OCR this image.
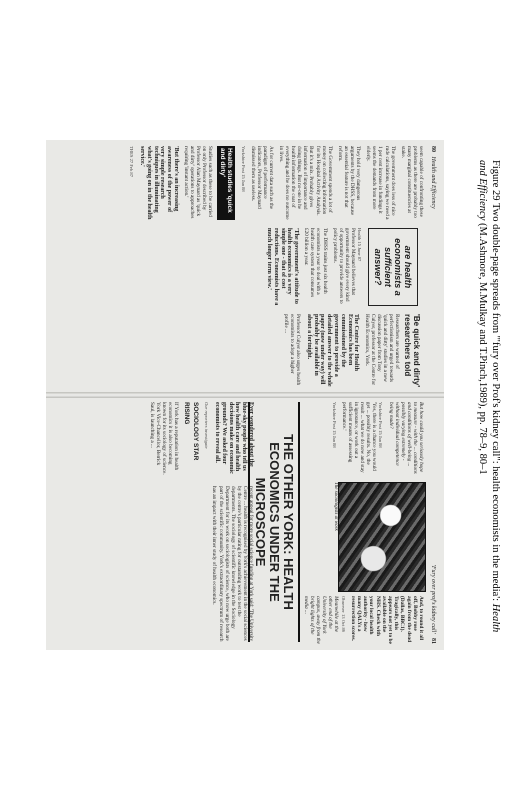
80   Health and Efficiency

seem capable of confronting these problems as there are probably too many marginal constituencies at stake.

The government does less of nice rude calculations, saying we need a 1 per cent increase in fundings it seems the demands from more elderly.

They hold very dangerous arguments by the DHSS, because an essential feature is not that reform.

The Government spends a lot of money on collecting information for its Hospital Activity Analysis. But it's a mix. Probably gives information of importance and doing things. But no-one in he health information the coat of everything and he does no outcome in lives.

As for current data such as the paradigm of performance indicators, Professor Maynard dismissed them as useless.

Yorkshire Post 15 Jan 88
Health studies 'quick and dirty'

Studies such as these to be carried on only Professor described by Professor Alan Maynard as 'quick and dirty' operations to approaches requiring 'instant action.'

'But there's an increasing awareness of the power of very simple research techniques in illuminating what's going on in the health service.'

THES 27 Feb 87
are health economists a sufficient answer?
Health 15 June 87

Professor Maynard believes that government should give every kind of opportunity to provide answers to policy problems.

The DHSS trains just six health economists a year to deal with a health care system that consumes £20 billion a year.

'The government's attitude to health economics is a very simple one - that of cost reductions. Economists have a much longer term view.'

'Be quick and dirty' researchers told

Researchers are warned of perfectionism and urged towards 'quick and dirty' studies in a new discussion paper from Tony Culyer, professor at the Centre for Health Economics, York.

The Centre for Health Economics has been commissioned by the government to provide a detailed answer to the whole paper (now under way) will probably be available in about a fortnight.

Professor Culyer also urges health economists to adopt a higher profile ...

'Fury over prof's kidney call'   81

But how could you seriously hope to measure - with the ... conditions and conditions of well-being ... possibly varying extremely - without individual competence being made?

Yorkshire Post 15 Jan 88

'Yes, there is a chance you would get ... possibly results. No, the result ... what we do now and stay in ignorance, or work out a sufficient means of assessing performance.'

Yorkshire Post 15 Jan 88
THE OTHER YORK: HEALTH ECONOMICS UNDER THE MICROSCOPE	The sociologists at work

Ever wondered about the blue-sky people who tell us how health care and health decisions make on economic grounds? We asked four economists to reveal all.

Our reporters investigate
SOCIOLOGY STAR RISING

If York has a reputation in health economics it is also becoming known for its sociology of science. York Vice-Chancellor, Berrick Saul, is launching a ...

And, to round it all off, Bobby rose again from the dead (Dallas, BBC1). Tragically, this appears not yet to be available on the NHS. Check with your local health authority - how many QALYs a resurrection scores.

Observer 13 Oct 86

Meanwhile at the other end of the University of York campus, away from the bright lights of the media ...

recent appeal for more social science funding at York said: 'The University Centre ... health is recognised by York's achievement in the social sciences by the centre's particular rating for outstanding work to test the departments. The sociology of scientific knowledge in the Sociology Department for its work on sociologists of science, who now urge both are part of the scientific community. York's extraordinary spectrum of research has an impact with their inner study of health economics.	Figure 29 Two double-page spreads from '"fury over Prof's kidney call": health economists in the media': Health and Efficiency (M.Ashmore, M.Mulkay and T.Pinch,1989), pp. 78–9, 80–1
